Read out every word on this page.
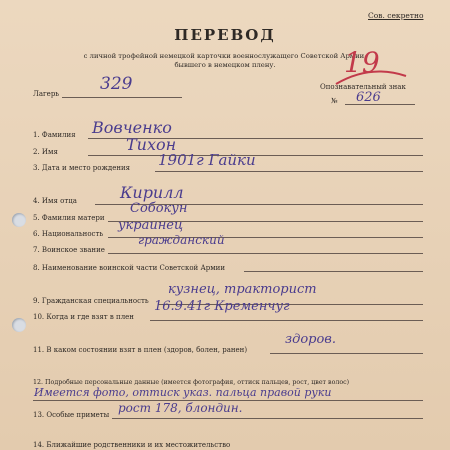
Сов. секретно
ПЕРЕВОД
с личной трофейной немецкой карточки военнослужащего Советской Армии,
бывшего в немецком плену.	19
Лагерь 329	Опознавательный знак
№ 626
1. Фамилия Вовченко
2. Имя	Тихон
3. Дата и место рождения 1901г Гайки
4. Имя отца	Кирилл
5. Фамилия матери
Собокун
6. Национальность
украинец
7. Воинское звание
гражданский
8. Наименование воинской части Советской Армии
9. Гражданская специальность
кузнец, тракторист
10. Когда и где взят в плен
16.9.41г Кременчуг
11. В каком состоянии взят в плен (здоров, болен, ранен)
здоров.
12. Подробные персональные данные (имеется фотография, оттиск пальцев, рост, цвет волос)
Имеется фото, оттиск указ. пальца правой руки
13. Особые приметы рост 178, блондин.
14. Ближайшие родственники и их местожительство
